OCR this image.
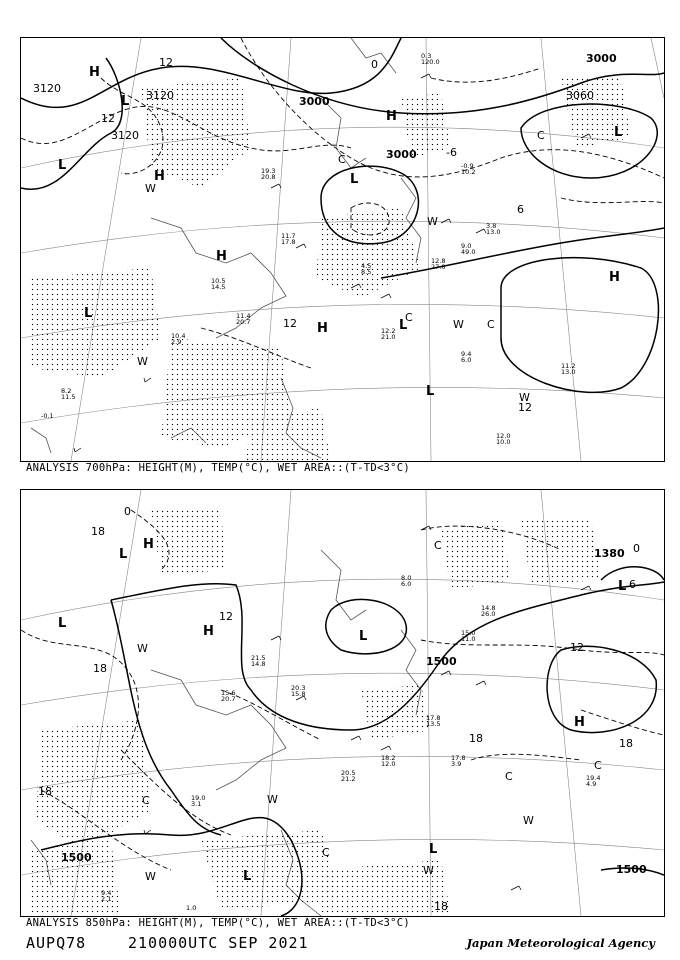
19.3
20.8
11.7
17.8
10.5
14.5
11.4
20.7
10.4
2.9
4.5
8.5
12.8
27.0
9.0
49.0
3.8
13.0
9.4
6.0
11.2
13.0
12.0
10.0
12.2
21.0
-0.9
10.2
0.3
120.0
8.2
11.5
-0.1
3120
3120
3120
3000
3000
3000
3060
12
12
12
12
0
-6
6
H
H
H
H
H
H
L
L
L
L
L
L
L
W
W
W
W
W
C
C
C
C
ANALYSIS 700hPa: HEIGHT(M), TEMP(°C), WET AREA::(T-TD<3°C)
15.6
20.7
21.5
14.8
20.3
15.8
20.5
21.2
18.2
12.0
17.8
13.5
15.0
11.0
14.8
26.0
17.8
3.9
19.4
4.9
19.0
3.1
9.4
2.1
1.0
8.0
6.0
1500
1500
1500
1380
18
18
18
18	18
12
12
18
0
0
6
H
H
H
L
L
L
L
L
L
W
W
W
W	W
C
C
C
C
C
ANALYSIS 850hPa: HEIGHT(M), TEMP(°C), WET AREA::(T-TD<3°C)
AUPQ78	210000UTC SEP 2021	Japan Meteorological Agency
